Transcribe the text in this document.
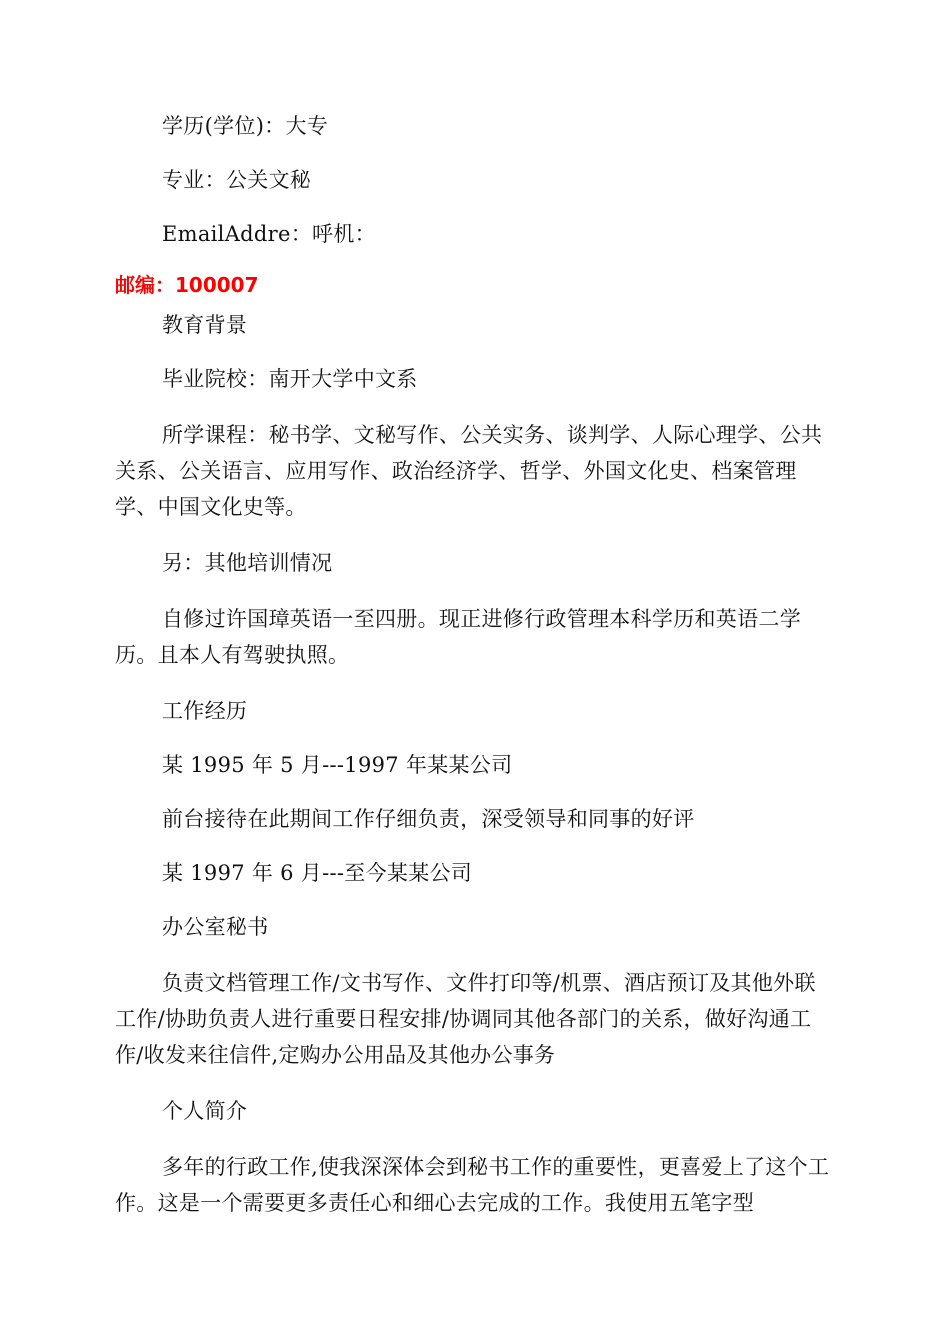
学历(学位)：大专

专业：公关文秘

EmailAddre：呼机：

邮编：100007

教育背景

毕业院校：南开大学中文系

所学课程：秘书学、文秘写作、公关实务、谈判学、人际心理学、公共关系、公关语言、应用写作、政治经济学、哲学、外国文化史、档案管理学、中国文化史等。

另：其他培训情况

自修过许国璋英语一至四册。现正进修行政管理本科学历和英语二学历。且本人有驾驶执照。

工作经历

某 1995 年 5 月---1997 年某某公司

前台接待在此期间工作仔细负责，深受领导和同事的好评

某 1997 年 6 月---至今某某公司

办公室秘书

负责文档管理工作/文书写作、文件打印等/机票、酒店预订及其他外联工作/协助负责人进行重要日程安排/协调同其他各部门的关系，做好沟通工作/收发来往信件,定购办公用品及其他办公事务

个人简介

多年的行政工作,使我深深体会到秘书工作的重要性，更喜爱上了这个工作。这是一个需要更多责任心和细心去完成的工作。我使用五笔字型
